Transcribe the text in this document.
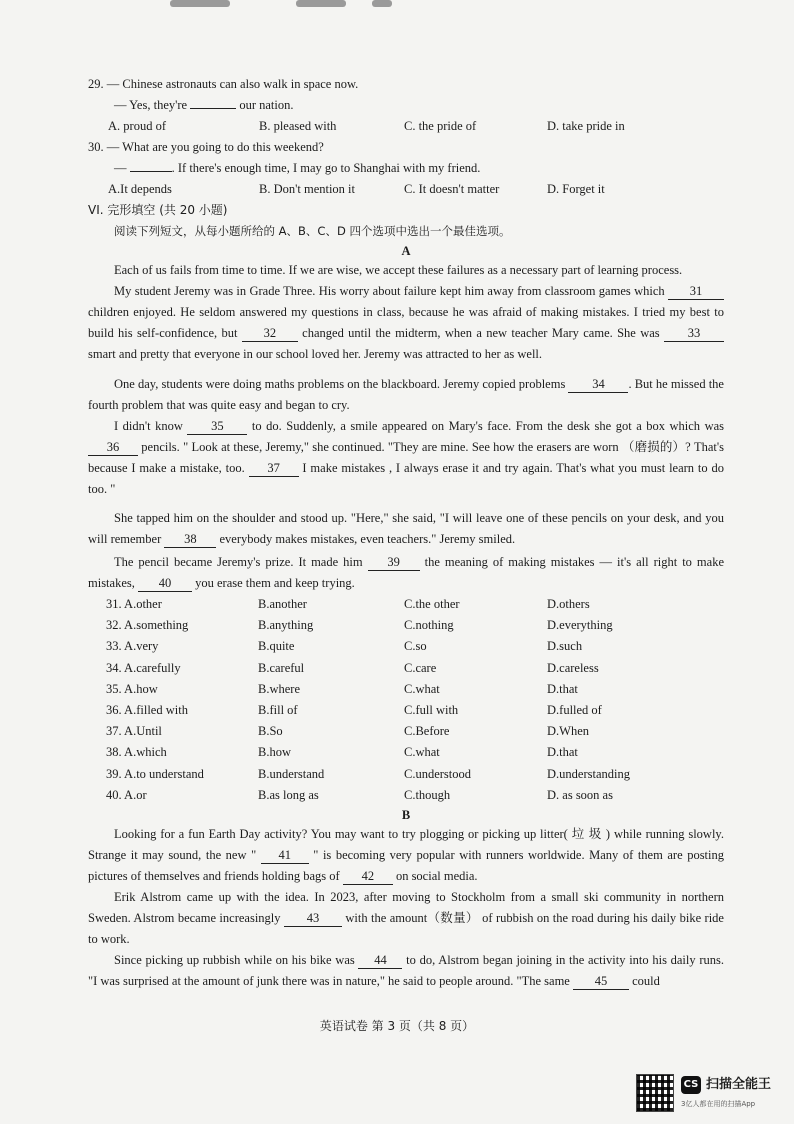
29. — Chinese astronauts can also walk in space now.
— Yes, they're	our nation.
A. proud of	B. pleased with	C. the pride of	D. take pride in
30. — What are you going to do this weekend?
—	. If there's enough time, I may go to Shanghai with my friend.
A.It depends	B. Don't mention it	C. It doesn't matter	D. Forget it
VI. 完形填空 (共 20 小题)
阅读下列短文，从每小题所给的 A、B、C、D 四个选项中选出一个最佳选项。
A

Each of us fails from time to time. If we are wise, we accept these failures as a necessary part of learning process.

My student Jeremy was in Grade Three. His worry about failure kept him away from classroom games which 31 children enjoyed. He seldom answered my questions in class, because he was afraid of making mistakes. I tried my best to build his self-confidence, but 32 changed until the midterm, when a new teacher Mary came. She was 33 smart and pretty that everyone in our school loved her. Jeremy was attracted to her as well.

One day, students were doing maths problems on the blackboard. Jeremy copied problems 34 . But he missed the fourth problem that was quite easy and began to cry.

I didn't know 35 to do. Suddenly, a smile appeared on Mary's face. From the desk she got a box which was 36 pencils. " Look at these, Jeremy," she continued. "They are mine. See how the erasers are worn （磨损的）? That's because I make a mistake, too. 37 I make mistakes , I always erase it and try again. That's what you must learn to do too. "

She tapped him on the shoulder and stood up. "Here," she said, "I will leave one of these pencils on your desk, and you will remember 38 everybody makes mistakes, even teachers." Jeremy smiled.

The pencil became Jeremy's prize. It made him 39 the meaning of making mistakes — it's all right to make mistakes, 40 you erase them and keep trying.

31. A.other	B.another	C.the other	D.others
32. A.something	B.anything	C.nothing	D.everything
33. A.very	B.quite	C.so	D.such
34. A.carefully	B.careful	C.care	D.careless
35. A.how	B.where	C.what	D.that
36. A.filled with	B.fill of	C.full with	D.fulled of
37. A.Until	B.So	C.Before	D.When
38. A.which	B.how	C.what	D.that
39. A.to understand	B.understand	C.understood	D.understanding
40. A.or	B.as long as	C.though	D. as soon as
B

Looking for a fun Earth Day activity? You may want to try plogging or picking up litter( 垃 圾 ) while running slowly. Strange it may sound, the new " 41 " is becoming very popular with runners worldwide. Many of them are posting pictures of themselves and friends holding bags of 42 on social media.

Erik Alstrom came up with the idea. In 2023, after moving to Stockholm from a small ski community in northern Sweden. Alstrom became increasingly 43 with the amount（数量） of rubbish on the road during his daily bike ride to work.

Since picking up rubbish while on his bike was 44 to do, Alstrom began joining in the activity into his daily runs. "I was surprised at the amount of junk there was in nature," he said to people around. "The same 45 could

英语试卷 第 3 页（共 8 页）
CS 扫描全能王
3亿人都在用的扫描App
